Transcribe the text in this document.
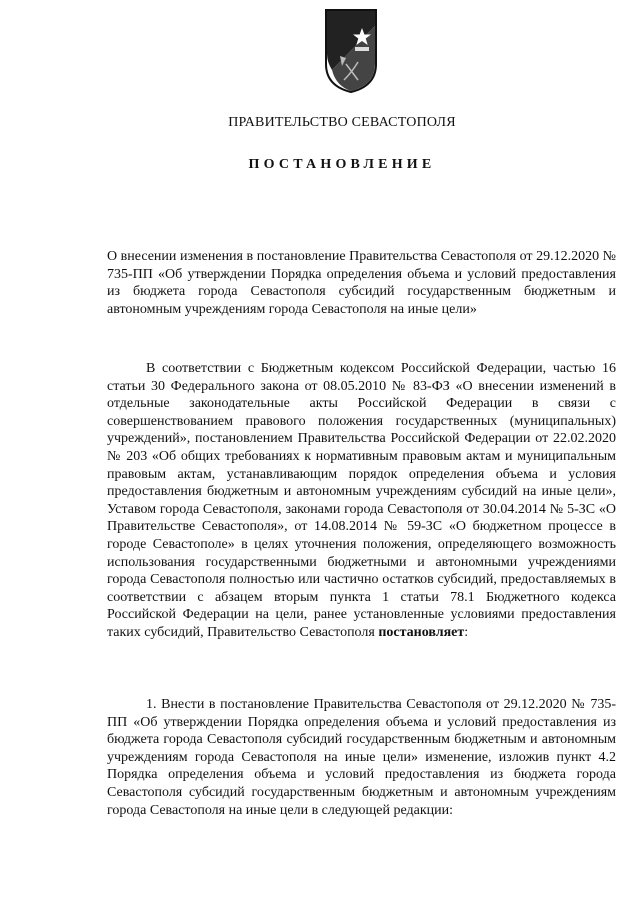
ПРАВИТЕЛЬСТВО СЕВАСТОПОЛЯ
ПОСТАНОВЛЕНИЕ

О внесении изменения в постановление Правительства Севастополя от 29.12.2020 № 735-ПП «Об утверждении Порядка определения объема и условий предоставления из бюджета города Севастополя субсидий государственным бюджетным и автономным учреждениям города Севастополя на иные цели»

В соответствии с Бюджетным кодексом Российской Федерации, частью 16 статьи 30 Федерального закона от 08.05.2010 № 83-ФЗ «О внесении изменений в отдельные законодательные акты Российской Федерации в связи с совершенствованием правового положения государственных (муниципальных) учреждений», постановлением Правительства Российской Федерации от 22.02.2020 № 203 «Об общих требованиях к нормативным правовым актам и муниципальным правовым актам, устанавливающим порядок определения объема и условия предоставления бюджетным и автономным учреждениям субсидий на иные цели», Уставом города Севастополя, законами города Севастополя от 30.04.2014 № 5-ЗС «О Правительстве Севастополя», от 14.08.2014 № 59-ЗС «О бюджетном процессе в городе Севастополе» в целях уточнения положения, определяющего возможность использования государственными бюджетными и автономными учреждениями города Севастополя полностью или частично остатков субсидий, предоставляемых в соответствии с абзацем вторым пункта 1 статьи 78.1 Бюджетного кодекса Российской Федерации на цели, ранее установленные условиями предоставления таких субсидий, Правительство Севастополя постановляет:

1. Внести в постановление Правительства Севастополя от 29.12.2020 № 735-ПП «Об утверждении Порядка определения объема и условий предоставления из бюджета города Севастополя субсидий государственным бюджетным и автономным учреждениям города Севастополя на иные цели» изменение, изложив пункт 4.2 Порядка определения объема и условий предоставления из бюджета города Севастополя субсидий государственным бюджетным и автономным учреждениям города Севастополя на иные цели в следующей редакции:
